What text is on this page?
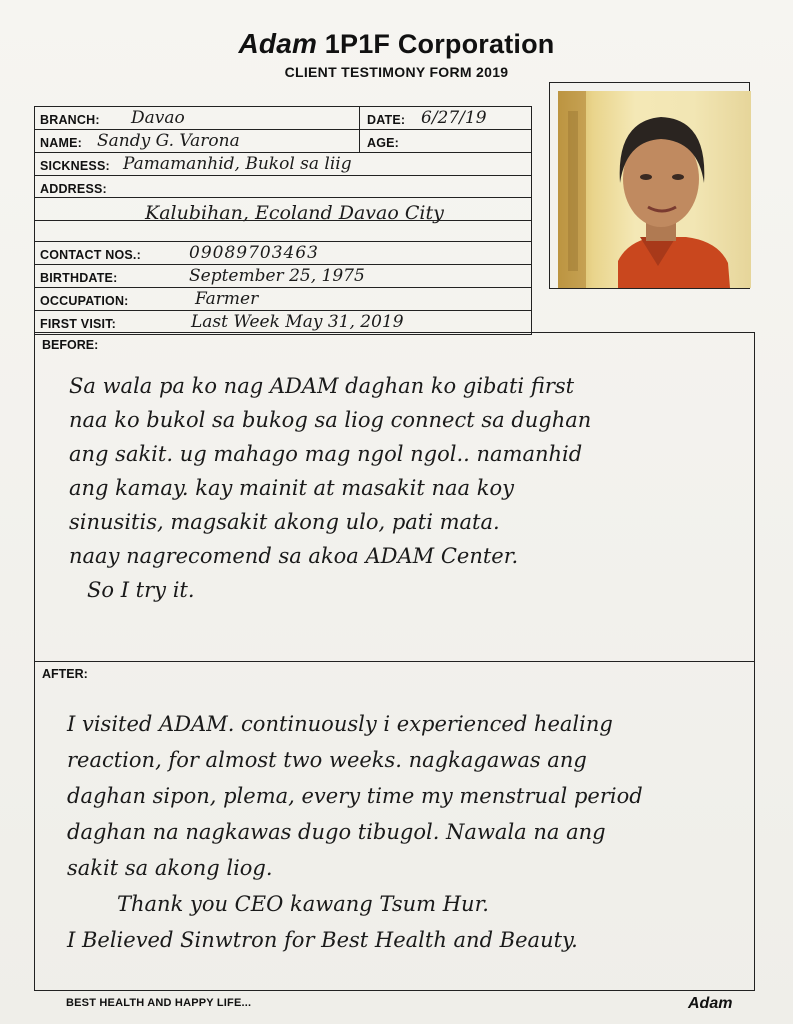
Adam 1P1F Corporation
CLIENT TESTIMONY FORM 2019
BRANCH: Davao	DATE: 6/27/19
NAME: Sandy G. Varona	AGE:
SICKNESS: Pamamanhid, Bukol sa liig
ADDRESS:
Kalubihan, Ecoland Davao City
CONTACT NOS.:	09089703463
BIRTHDATE:	September 25, 1975
OCCUPATION:	Farmer
FIRST VISIT:	Last Week May 31, 2019
BEFORE:
Sa wala pa ko nag ADAM daghan ko gibati first
naa ko bukol sa bukog sa liog connect sa dughan
ang sakit. ug mahago mag ngol ngol.. namanhid
ang kamay. kay mainit at masakit naa koy
sinusitis, magsakit akong ulo, pati mata.
naay nagrecomend sa akoa ADAM Center.
So I try it.
AFTER:
I visited ADAM. continuously i experienced healing
reaction, for almost two weeks. nagkagawas ang
daghan sipon, plema, every time my menstrual period
daghan na nagkawas dugo tibugol. Nawala na ang
sakit sa akong liog.
Thank you CEO kawang Tsum Hur.
I Believed Sinwtron for Best Health and Beauty.
BEST HEALTH AND HAPPY LIFE...	Adam
